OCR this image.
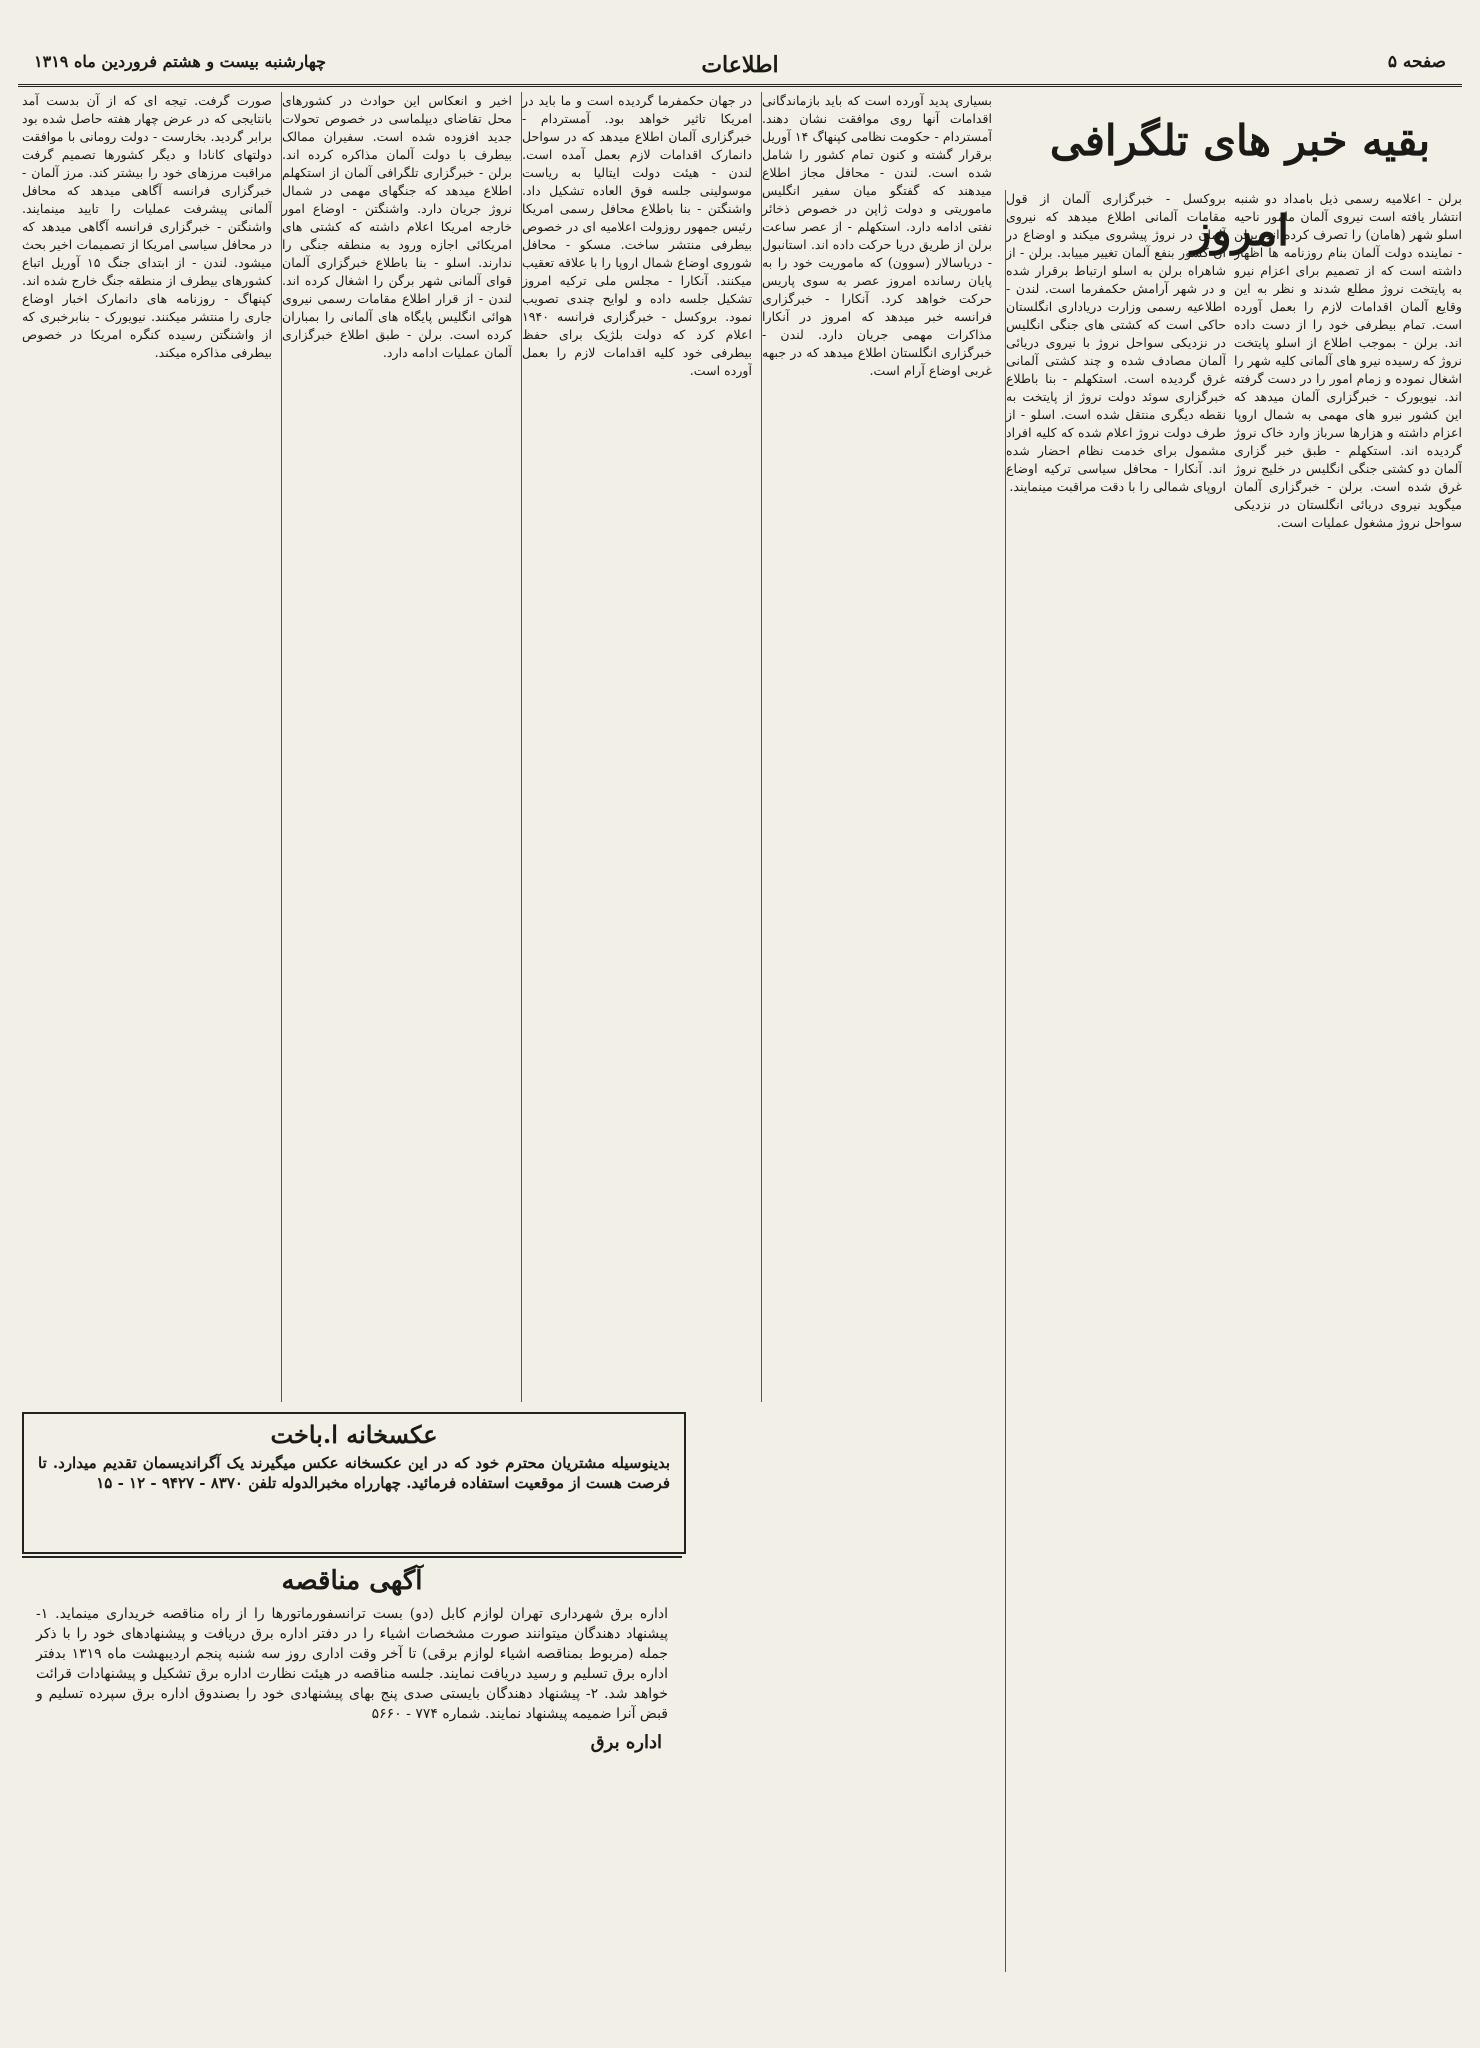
صفحه ۵
اطلاعات
چهارشنبه بیست و هشتم فروردین ماه ۱۳۱۹
بقیه خبر های تلگرافی امروز

برلن - اعلامیه رسمی ذیل بامداد دو شنبه انتشار یافته است نیروی آلمان مامور ناحیه اسلو شهر (هامان) را تصرف کرده اند. برلن - نماینده دولت آلمان بنام روزنامه ها اظهار داشته است که از تصمیم برای اعزام نیرو به پایتخت نروژ مطلع شدند و نظر به این وقایع آلمان اقدامات لازم را بعمل آورده است. تمام بیطرفی خود را از دست داده اند. برلن - بموجب اطلاع از اسلو پایتخت نروژ که رسیده نیرو های آلمانی کلیه شهر را اشغال نموده و زمام امور را در دست گرفته اند. نیویورک - خبرگزاری آلمان میدهد که این کشور نیرو های مهمی به شمال اروپا اعزام داشته و هزارها سرباز وارد خاک نروژ گردیده اند. استکهلم - طبق خبر گزاری آلمان دو کشتی جنگی انگلیس در خلیج نروژ غرق شده است. برلن - خبرگزاری آلمان میگوید نیروی دریائی انگلستان در نزدیکی سواحل نروژ مشغول عملیات است.

بروکسل - خبرگزاری آلمان از قول مقامات آلمانی اطلاع میدهد که نیروی آلمان در نروژ پیشروی میکند و اوضاع در آن کشور بنفع آلمان تغییر مییابد. برلن - از شاهراه برلن به اسلو ارتباط برقرار شده و در شهر آرامش حکمفرما است. لندن - اطلاعیه رسمی وزارت دریاداری انگلستان حاکی است که کشتی های جنگی انگلیس در نزدیکی سواحل نروژ با نیروی دریائی آلمان مصادف شده و چند کشتی آلمانی غرق گردیده است. استکهلم - بنا باطلاع خبرگزاری سوئد دولت نروژ از پایتخت به نقطه دیگری منتقل شده است. اسلو - از طرف دولت نروژ اعلام شده که کلیه افراد مشمول برای خدمت نظام احضار شده اند. آنکارا - محافل سیاسی ترکیه اوضاع اروپای شمالی را با دقت مراقبت مینمایند.

بسیاری پدید آورده است که باید بازماندگانی اقدامات آنها روی موافقت نشان دهند. آمستردام - حکومت نظامی کپنهاگ ۱۴ آوریل برقرار گشته و کنون تمام کشور را شامل شده است. لندن - محافل مجاز اطلاع میدهند که گفتگو میان سفیر انگلیس ماموریتی و دولت ژاپن در خصوص ذخائر نفتی ادامه دارد. استکهلم - از عصر ساعت برلن از طریق دریا حرکت داده اند. استانبول - دریاسالار (سوون) که ماموریت خود را به پایان رسانده امروز عصر به سوی پاریس حرکت خواهد کرد. آنکارا - خبرگزاری فرانسه خبر میدهد که امروز در آنکارا مذاکرات مهمی جریان دارد. لندن - خبرگزاری انگلستان اطلاع میدهد که در جبهه غربی اوضاع آرام است.

در جهان حکمفرما گردیده است و ما باید در امریکا تاثیر خواهد بود. آمستردام - خبرگزاری آلمان اطلاع میدهد که در سواحل دانمارک اقدامات لازم بعمل آمده است. لندن - هیئت دولت ایتالیا به ریاست موسولینی جلسه فوق العاده تشکیل داد. واشنگتن - بنا باطلاع محافل رسمی امریکا رئیس جمهور روزولت اعلامیه ای در خصوص بیطرفی منتشر ساخت. مسکو - محافل شوروی اوضاع شمال اروپا را با علاقه تعقیب میکنند. آنکارا - مجلس ملی ترکیه امروز تشکیل جلسه داده و لوایح چندی تصویب نمود. بروکسل - خبرگزاری فرانسه ۱۹۴۰ اعلام کرد که دولت بلژیک برای حفظ بیطرفی خود کلیه اقدامات لازم را بعمل آورده است.

اخیر و انعکاس این حوادث در کشورهای محل تقاضای دیپلماسی در خصوص تحولات جدید افزوده شده است. سفیران ممالک بیطرف با دولت آلمان مذاکره کرده اند. برلن - خبرگزاری تلگرافی آلمان از استکهلم اطلاع میدهد که جنگهای مهمی در شمال نروژ جریان دارد. واشنگتن - اوضاع امور خارجه امریکا اعلام داشته که کشتی های امریکائی اجازه ورود به منطقه جنگی را ندارند. اسلو - بنا باطلاع خبرگزاری آلمان قوای آلمانی شهر برگن را اشغال کرده اند. لندن - از قرار اطلاع مقامات رسمی نیروی هوائی انگلیس پایگاه های آلمانی را بمباران کرده است. برلن - طبق اطلاع خبرگزاری آلمان عملیات ادامه دارد.

صورت گرفت. تیجه ای که از آن بدست آمد بانتایجی که در عرض چهار هفته حاصل شده بود برابر گردید. بخارست - دولت رومانی با موافقت دولتهای کانادا و دیگر کشورها تصمیم گرفت مراقبت مرزهای خود را بیشتر کند. مرز آلمان - خبرگزاری فرانسه آگاهی میدهد که محافل آلمانی پیشرفت عملیات را تایید مینمایند. واشنگتن - خبرگزاری فرانسه آگاهی میدهد که در محافل سیاسی امریکا از تصمیمات اخیر بحث میشود. لندن - از ابتدای جنگ ۱۵ آوریل اتباع کشورهای بیطرف از منطقه جنگ خارج شده اند. کپنهاگ - روزنامه های دانمارک اخبار اوضاع جاری را منتشر میکنند. نیویورک - بنابرخبری که از واشنگتن رسیده کنگره امریکا در خصوص بیطرفی مذاکره میکند.

عکسخانه ا.باخت
بدینوسیله مشتریان محترم خود که در این عکسخانه عکس میگیرند یک آگراندیسمان تقدیم میدارد. تا فرصت هست از موقعیت استفاده فرمائید. چهارراه مخبرالدوله تلفن ۸۳۷۰ - ۹۴۲۷ - ۱۲ - ۱۵
آگهی مناقصه
اداره برق شهرداری تهران لوازم کابل (دو) بست ترانسفورماتورها را از راه مناقصه خریداری مینماید. ۱- پیشنهاد دهندگان میتوانند صورت مشخصات اشیاء را در دفتر اداره برق دریافت و پیشنهادهای خود را با ذکر جمله (مربوط بمناقصه اشیاء لوازم برقی) تا آخر وقت اداری روز سه شنبه پنجم اردیبهشت ماه ۱۳۱۹ بدفتر اداره برق تسلیم و رسید دریافت نمایند. جلسه مناقصه در هیئت نظارت اداره برق تشکیل و پیشنهادات قرائت خواهد شد. ۲- پیشنهاد دهندگان بایستی صدی پنج بهای پیشنهادی خود را بصندوق اداره برق سپرده تسلیم و قبض آنرا ضمیمه پیشنهاد نمایند. شماره ۷۷۴ - ۵۶۶۰
اداره برق
